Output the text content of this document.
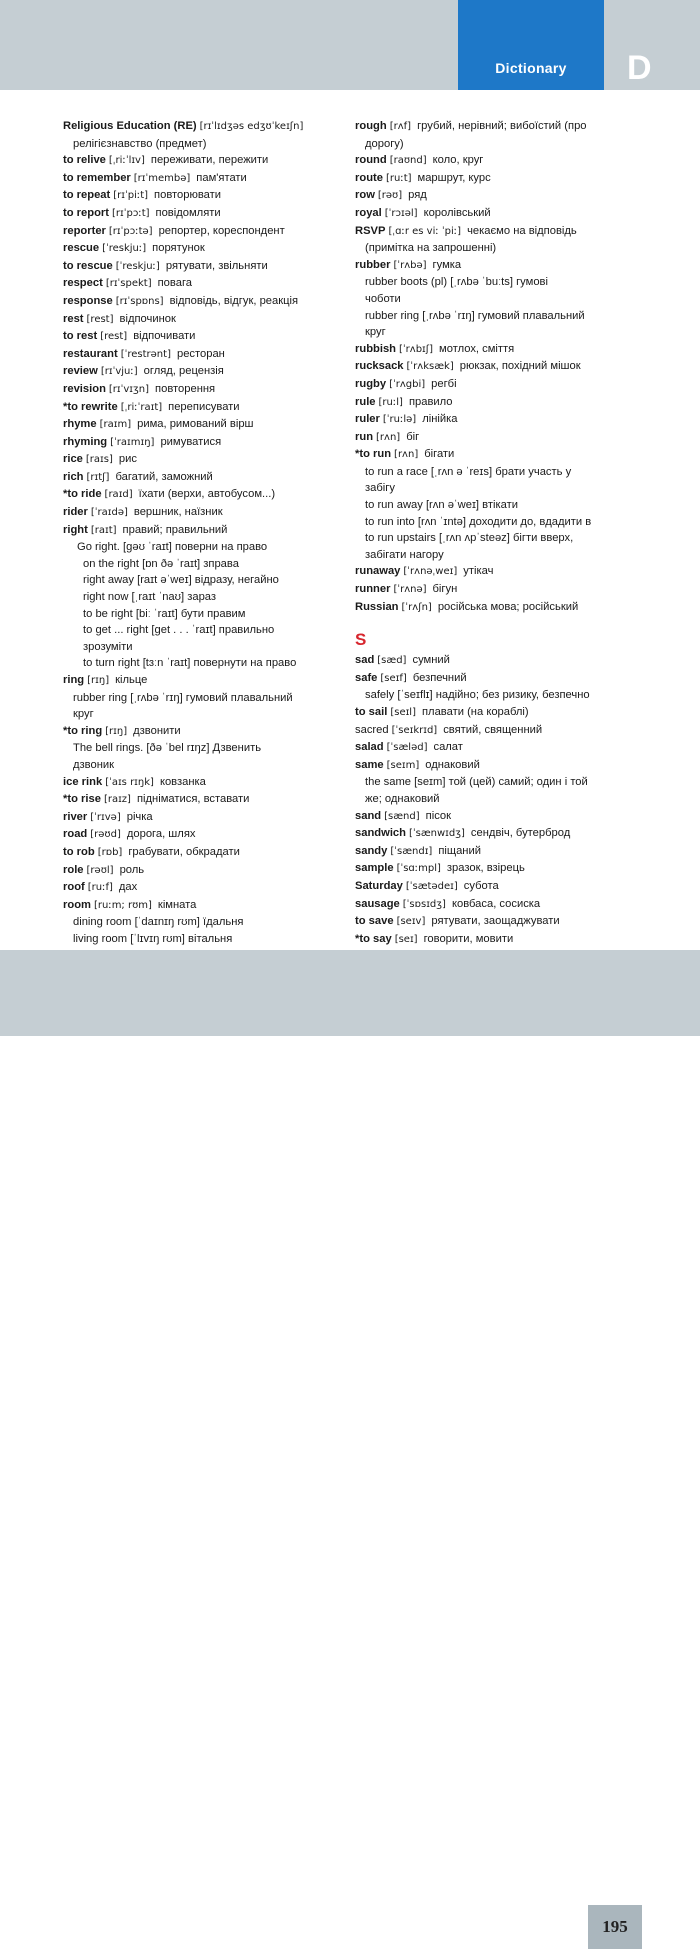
Dictionary	D
Religious Education (RE) [rɪˈlɪdʒəs edʒʊˈkeɪʃn]
релігієзнавство (предмет)
to relive [ˌriːˈlɪv] переживати, пережити
to remember [rɪˈmembə] пам'ятати
to repeat [rɪˈpiːt] повторювати
to report [rɪˈpɔːt] повідомляти
reporter [rɪˈpɔːtə] репортер, кореспондент
rescue [ˈreskjuː] порятунок
to rescue [ˈreskjuː] рятувати, звільняти
respect [rɪˈspekt] повага
response [rɪˈspɒns] відповідь, відгук, реакція
rest [rest] відпочинок
to rest [rest] відпочивати
restaurant [ˈrestrənt] ресторан
review [rɪˈvjuː] огляд, рецензія
revision [rɪˈvɪʒn] повторення
*to rewrite [ˌriːˈraɪt] переписувати
rhyme [raɪm] рима, римований вірш
rhyming [ˈraɪmɪŋ] римуватися
rice [raɪs] рис
rich [rɪtʃ] багатий, заможний
*to ride [raɪd] їхати (верхи, автобусом...)
rider [ˈraɪdə] вершник, наїзник
right [raɪt] правий; правильний
Go right. [gəʊ ˈraɪt] поверни на право
on the right [ɒn ðə ˈraɪt] зправа
right away [raɪt əˈweɪ] відразу, негайно
right now [ˌraɪt ˈnaʊ] зараз
to be right [biː ˈraɪt] бути правим
to get ... right [get . . . ˈraɪt] правильно
зрозуміти
to turn right [tɜːn ˈraɪt] повернути на право
ring [rɪŋ] кільце
rubber ring [ˌrʌbə ˈrɪŋ] гумовий плавальний
круг
*to ring [rɪŋ] дзвонити
The bell rings. [ðə ˈbel rɪŋz] Дзвенить
дзвоник
ice rink [ˈaɪs rɪŋk] ковзанка
*to rise [raɪz] підніматися, вставати
river [ˈrɪvə] річка
road [rəʊd] дорога, шлях
to rob [rɒb] грабувати, обкрадати
role [rəʊl] роль
roof [ruːf] дах
room [ruːm; rʊm] кімната
dining room [ˈdaɪnɪŋ rʊm] їдальня
living room [ˈlɪvɪŋ rʊm] вітальня
rough [rʌf] грубий, нерівний; вибоїстий (про
дорогу)
round [raʊnd] коло, круг
route [ruːt] маршрут, курс
row [rəʊ] ряд
royal [ˈrɔɪəl] королівський
RSVP [ˌɑːr es viː ˈpiː] чекаємо на відповідь
(примітка на запрошенні)
rubber [ˈrʌbə] гумка
rubber boots (pl) [ˌrʌbə ˈbuːts] гумові
чоботи
rubber ring [ˌrʌbə ˈrɪŋ] гумовий плавальний
круг
rubbish [ˈrʌbɪʃ] мотлох, сміття
rucksack [ˈrʌksæk] рюкзак, похідний мішок
rugby [ˈrʌgbi] регбі
rule [ruːl] правило
ruler [ˈruːlə] лінійка
run [rʌn] біг
*to run [rʌn] бігати
to run a race [ˌrʌn ə ˈreɪs] брати участь у
забігу
to run away [rʌn əˈweɪ] втікати
to run into [rʌn ˈɪntə] доходити до, вдадити в
to run upstairs [ˌrʌn ʌpˈsteəz] бігти вверх,
забігати нагору
runaway [ˈrʌnəˌweɪ] утікач
runner [ˈrʌnə] бігун
Russian [ˈrʌʃn] російська мова; російський
S
sad [sæd] сумний
safe [seɪf] безпечний
safely [ˈseɪflɪ] надійно; без ризику, безпечно
to sail [seɪl] плавати (на кораблі)
sacred [ˈseɪkrɪd] святий, священний
salad [ˈsæləd] салат
same [seɪm] однаковий
the same [seɪm] той (цей) самий; один і той
же; однаковий
sand [sænd] пісок
sandwich [ˈsænwɪdʒ] сендвіч, бутерброд
sandy [ˈsændɪ] піщаний
sample [ˈsɑːmpl] зразок, взірець
Saturday [ˈsætədeɪ] субота
sausage [ˈsɒsɪdʒ] ковбаса, сосиска
to save [seɪv] рятувати, заощаджувати
*to say [seɪ] говорити, мовити
195
